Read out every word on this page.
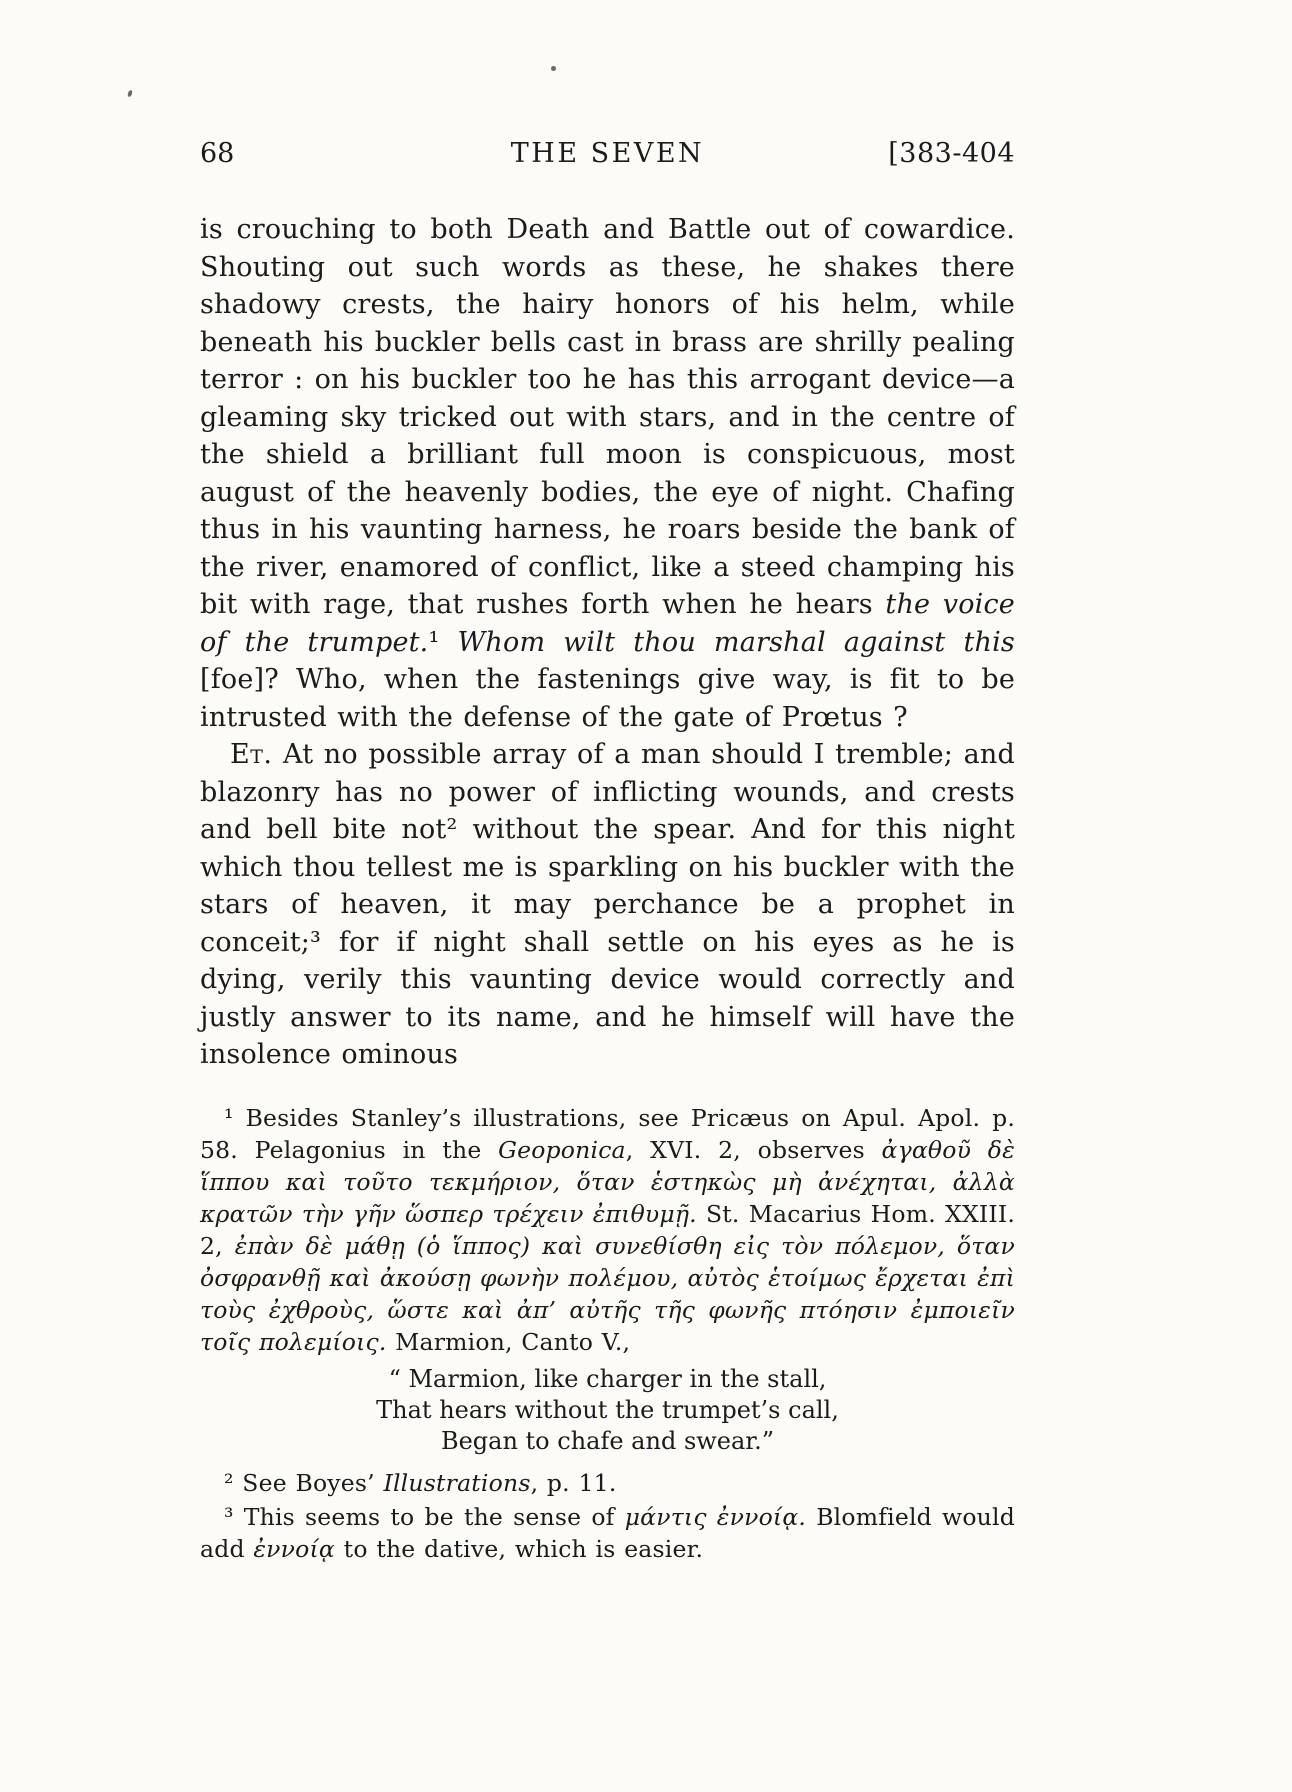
68	THE SEVEN	[383-404

is crouching to both Death and Battle out of cowardice. Shouting out such words as these, he shakes there shadowy crests, the hairy honors of his helm, while beneath his buckler bells cast in brass are shrilly pealing terror : on his buckler too he has this arrogant device—a gleaming sky tricked out with stars, and in the centre of the shield a brilliant full moon is conspicuous, most august of the heavenly bodies, the eye of night. Chafing thus in his vaunting harness, he roars beside the bank of the river, enamored of conflict, like a steed champing his bit with rage, that rushes forth when he hears the voice of the trumpet.¹ Whom wilt thou marshal against this [foe]? Who, when the fastenings give way, is fit to be intrusted with the defense of the gate of Prœtus ?

Et. At no possible array of a man should I tremble; and blazonry has no power of inflicting wounds, and crests and bell bite not² without the spear. And for this night which thou tellest me is sparkling on his buckler with the stars of heaven, it may perchance be a prophet in conceit;³ for if night shall settle on his eyes as he is dying, verily this vaunting device would correctly and justly answer to its name, and he himself will have the insolence ominous

¹ Besides Stanley’s illustrations, see Pricæus on Apul. Apol. p. 58. Pelagonius in the Geoponica, XVI. 2, observes ἀγαθοῦ δὲ ἵππου καὶ τοῦτο τεκμήριον, ὅταν ἑστηκὼς μὴ ἀνέχηται, ἀλλὰ κρατῶν τὴν γῆν ὥσπερ τρέχειν ἐπιθυμῇ. St. Macarius Hom. XXIII. 2, ἐπὰν δὲ μάθῃ (ὁ ἵππος) καὶ συνεθίσθη εἰς τὸν πόλεμον, ὅταν ὀσφρανθῇ καὶ ἀκούσῃ φωνὴν πολέμου, αὐτὸς ἑτοίμως ἔρχεται ἐπὶ τοὺς ἐχθροὺς, ὥστε καὶ ἀπ’ αὐτῆς τῆς φωνῆς πτόησιν ἐμποιεῖν τοῖς πολεμίοις. Marmion, Canto V.,

“ Marmion, like charger in the stall,
That hears without the trumpet’s call,
Began to chafe and swear.”

² See Boyes’ Illustrations, p. 11.

³ This seems to be the sense of μάντις ἐννοίᾳ. Blomfield would add ἐννοίᾳ to the dative, which is easier.
